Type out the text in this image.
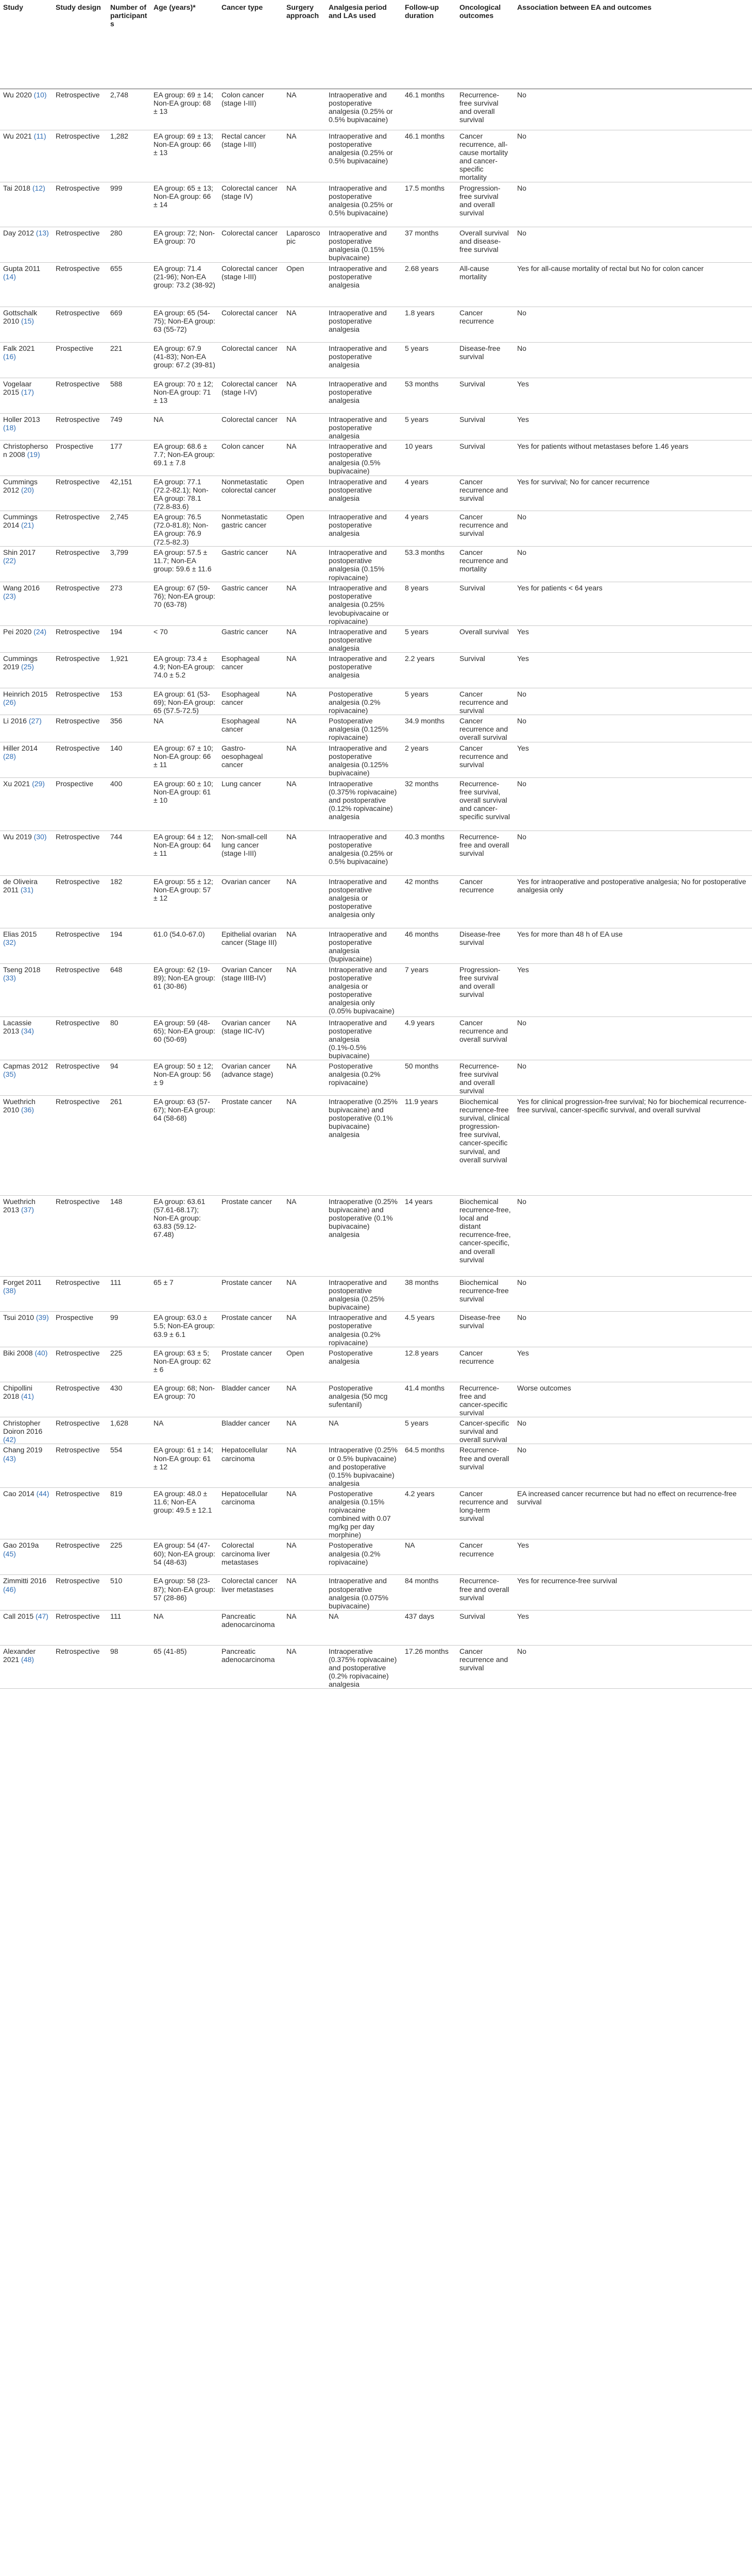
Study	Study design	Number of participants	Age (years)*	Cancer type	Surgery approach	Analgesia period and LAs used	Follow-up duration	Oncological outcomes	Association between EA and outcomes
Wu 2020 (10)	Retrospective	2,748	EA group: 69 ± 14; Non-EA group: 68 ± 13	Colon cancer (stage I-III)	NA	Intraoperative and postoperative analgesia (0.25% or 0.5% bupivacaine)	46.1 months	Recurrence-free survival and overall survival	No
Wu 2021 (11)	Retrospective	1,282	EA group: 69 ± 13; Non-EA group: 66 ± 13	Rectal cancer (stage I-III)	NA	Intraoperative and postoperative analgesia (0.25% or 0.5% bupivacaine)	46.1 months	Cancer recurrence, all-cause mortality and cancer-specific mortality	No
Tai 2018 (12)	Retrospective	999	EA group: 65 ± 13; Non-EA group: 66 ± 14	Colorectal cancer (stage IV)	NA	Intraoperative and postoperative analgesia (0.25% or 0.5% bupivacaine)	17.5 months	Progression-free survival and overall survival	No
Day 2012 (13)	Retrospective	280	EA group: 72; Non-EA group: 70	Colorectal cancer	Laparoscopic	Intraoperative and postoperative analgesia (0.15% bupivacaine)	37 months	Overall survival and disease-free survival	No
Gupta 2011 (14)	Retrospective	655	EA group: 71.4 (21-96); Non-EA group: 73.2 (38-92)	Colorectal cancer (stage I-III)	Open	Intraoperative and postoperative analgesia	2.68 years	All-cause mortality	Yes for all-cause mortality of rectal but No for colon cancer
Gottschalk 2010 (15)	Retrospective	669	EA group: 65 (54-75); Non-EA group: 63 (55-72)	Colorectal cancer	NA	Intraoperative and postoperative analgesia	1.8 years	Cancer recurrence	No
Falk 2021 (16)	Prospective	221	EA group: 67.9 (41-83); Non-EA group: 67.2 (39-81)	Colorectal cancer	NA	Intraoperative and postoperative analgesia	5 years	Disease-free survival	No
Vogelaar 2015 (17)	Retrospective	588	EA group: 70 ± 12; Non-EA group: 71 ± 13	Colorectal cancer (stage I-IV)	NA	Intraoperative and postoperative analgesia	53 months	Survival	Yes
Holler 2013 (18)	Retrospective	749	NA	Colorectal cancer	NA	Intraoperative and postoperative analgesia	5 years	Survival	Yes
Christopherson 2008 (19)	Prospective	177	EA group: 68.6 ± 7.7; Non-EA group: 69.1 ± 7.8	Colon cancer	NA	Intraoperative and postoperative analgesia (0.5% bupivacaine)	10 years	Survival	Yes for patients without metastases before 1.46 years
Cummings 2012 (20)	Retrospective	42,151	EA group: 77.1 (72.2-82.1); Non-EA group: 78.1 (72.8-83.6)	Nonmetastatic colorectal cancer	Open	Intraoperative and postoperative analgesia	4 years	Cancer recurrence and survival	Yes for survival; No for cancer recurrence
Cummings 2014 (21)	Retrospective	2,745	EA group: 76.5 (72.0-81.8); Non-EA group: 76.9 (72.5-82.3)	Nonmetastatic gastric cancer	Open	Intraoperative and postoperative analgesia	4 years	Cancer recurrence and survival	No
Shin 2017 (22)	Retrospective	3,799	EA group: 57.5 ± 11.7; Non-EA group: 59.6 ± 11.6	Gastric cancer	NA	Intraoperative and postoperative analgesia (0.15% ropivacaine)	53.3 months	Cancer recurrence and mortality	No
Wang 2016 (23)	Retrospective	273	EA group: 67 (59-76); Non-EA group: 70 (63-78)	Gastric cancer	NA	Intraoperative and postoperative analgesia (0.25% levobupivacaine or ropivacaine)	8 years	Survival	Yes for patients < 64 years
Pei 2020 (24)	Retrospective	194	< 70	Gastric cancer	NA	Intraoperative and postoperative analgesia	5 years	Overall survival	Yes
Cummings 2019 (25)	Retrospective	1,921	EA group: 73.4 ± 4.9; Non-EA group: 74.0 ± 5.2	Esophageal cancer	NA	Intraoperative and postoperative analgesia	2.2 years	Survival	Yes
Heinrich 2015 (26)	Retrospective	153	EA group: 61 (53-69); Non-EA group: 65 (57.5-72.5)	Esophageal cancer	NA	Postoperative analgesia (0.2% ropivacaine)	5 years	Cancer recurrence and survival	No
Li 2016 (27)	Retrospective	356	NA	Esophageal cancer	NA	Postoperative analgesia (0.125% ropivacaine)	34.9 months	Cancer recurrence and overall survival	No
Hiller 2014 (28)	Retrospective	140	EA group: 67 ± 10; Non-EA group: 66 ± 11	Gastro-oesophageal cancer	NA	Intraoperative and postoperative analgesia (0.125% bupivacaine)	2 years	Cancer recurrence and survival	Yes
Xu 2021 (29)	Prospective	400	EA group: 60 ± 10; Non-EA group: 61 ± 10	Lung cancer	NA	Intraoperative (0.375% ropivacaine) and postoperative (0.12% ropivacaine) analgesia	32 months	Recurrence-free survival, overall survival and cancer-specific survival	No
Wu 2019 (30)	Retrospective	744	EA group: 64 ± 12; Non-EA group: 64 ± 11	Non-small-cell lung cancer (stage I-III)	NA	Intraoperative and postoperative analgesia (0.25% or 0.5% bupivacaine)	40.3 months	Recurrence-free and overall survival	No
de Oliveira 2011 (31)	Retrospective	182	EA group: 55 ± 12; Non-EA group: 57 ± 12	Ovarian cancer	NA	Intraoperative and postoperative analgesia or postoperative analgesia only	42 months	Cancer recurrence	Yes for intraoperative and postoperative analgesia; No for postoperative analgesia only
Elias 2015 (32)	Retrospective	194	61.0 (54.0-67.0)	Epithelial ovarian cancer (Stage III)	NA	Intraoperative and postoperative analgesia (bupivacaine)	46 months	Disease-free survival	Yes for more than 48 h of EA use
Tseng 2018 (33)	Retrospective	648	EA group: 62 (19-89); Non-EA group: 61 (30-86)	Ovarian Cancer (stage IIIB-IV)	NA	Intraoperative and postoperative analgesia or postoperative analgesia only (0.05% bupivacaine)	7 years	Progression-free survival and overall survival	Yes
Lacassie 2013 (34)	Retrospective	80	EA group: 59 (48-65); Non-EA group: 60 (50-69)	Ovarian cancer (stage IIC-IV)	NA	Intraoperative and postoperative analgesia (0.1%-0.5% bupivacaine)	4.9 years	Cancer recurrence and overall survival	No
Capmas 2012 (35)	Retrospective	94	EA group: 50 ± 12; Non-EA group: 56 ± 9	Ovarian cancer (advance stage)	NA	Postoperative analgesia (0.2% ropivacaine)	50 months	Recurrence-free survival and overall survival	No
Wuethrich 2010 (36)	Retrospective	261	EA group: 63 (57-67); Non-EA group: 64 (58-68)	Prostate cancer	NA	Intraoperative (0.25% bupivacaine) and postoperative (0.1% bupivacaine) analgesia	11.9 years	Biochemical recurrence-free survival, clinical progression-free survival, cancer-specific survival, and overall survival	Yes for clinical progression-free survival; No for biochemical recurrence-free survival, cancer-specific survival, and overall survival
Wuethrich 2013 (37)	Retrospective	148	EA group: 63.61 (57.61-68.17); Non-EA group: 63.83 (59.12-67.48)	Prostate cancer	NA	Intraoperative (0.25% bupivacaine) and postoperative (0.1% bupivacaine) analgesia	14 years	Biochemical recurrence-free, local and distant recurrence-free, cancer-specific, and overall survival	No
Forget 2011 (38)	Retrospective	111	65 ± 7	Prostate cancer	NA	Intraoperative and postoperative analgesia (0.25% bupivacaine)	38 months	Biochemical recurrence-free survival	No
Tsui 2010 (39)	Prospective	99	EA group: 63.0 ± 5.5; Non-EA group: 63.9 ± 6.1	Prostate cancer	NA	Intraoperative and postoperative analgesia (0.2% ropivacaine)	4.5 years	Disease-free survival	No
Biki 2008 (40)	Retrospective	225	EA group: 63 ± 5; Non-EA group: 62 ± 6	Prostate cancer	Open	Postoperative analgesia	12.8 years	Cancer recurrence	Yes
Chipollini 2018 (41)	Retrospective	430	EA group: 68; Non-EA group: 70	Bladder cancer	NA	Postoperative analgesia (50 mcg sufentanil)	41.4 months	Recurrence-free and cancer-specific survival	Worse outcomes
Christopher Doiron 2016 (42)	Retrospective	1,628	NA	Bladder cancer	NA	NA	5 years	Cancer-specific survival and overall survival	No
Chang 2019 (43)	Retrospective	554	EA group: 61 ± 14; Non-EA group: 61 ± 12	Hepatocellular carcinoma	NA	Intraoperative (0.25% or 0.5% bupivacaine) and postoperative (0.15% bupivacaine) analgesia	64.5 months	Recurrence-free and overall survival	No
Cao 2014 (44)	Retrospective	819	EA group: 48.0 ± 11.6; Non-EA group: 49.5 ± 12.1	Hepatocellular carcinoma	NA	Postoperative analgesia (0.15% ropivacaine combined with 0.07 mg/kg per day morphine)	4.2 years	Cancer recurrence and long-term survival	EA increased cancer recurrence but had no effect on recurrence-free survival
Gao 2019a (45)	Retrospective	225	EA group: 54 (47-60); Non-EA group: 54 (48-63)	Colorectal carcinoma liver metastases	NA	Postoperative analgesia (0.2% ropivacaine)	NA	Cancer recurrence	Yes
Zimmitti 2016 (46)	Retrospective	510	EA group: 58 (23-87); Non-EA group: 57 (28-86)	Colorectal cancer liver metastases	NA	Intraoperative and postoperative analgesia (0.075% bupivacaine)	84 months	Recurrence-free and overall survival	Yes for recurrence-free survival
Call 2015 (47)	Retrospective	111	NA	Pancreatic adenocarcinoma	NA	NA	437 days	Survival	Yes
Alexander 2021 (48)	Retrospective	98	65 (41-85)	Pancreatic adenocarcinoma	NA	Intraoperative (0.375% ropivacaine) and postoperative (0.2% ropivacaine) analgesia	17.26 months	Cancer recurrence and survival	No
